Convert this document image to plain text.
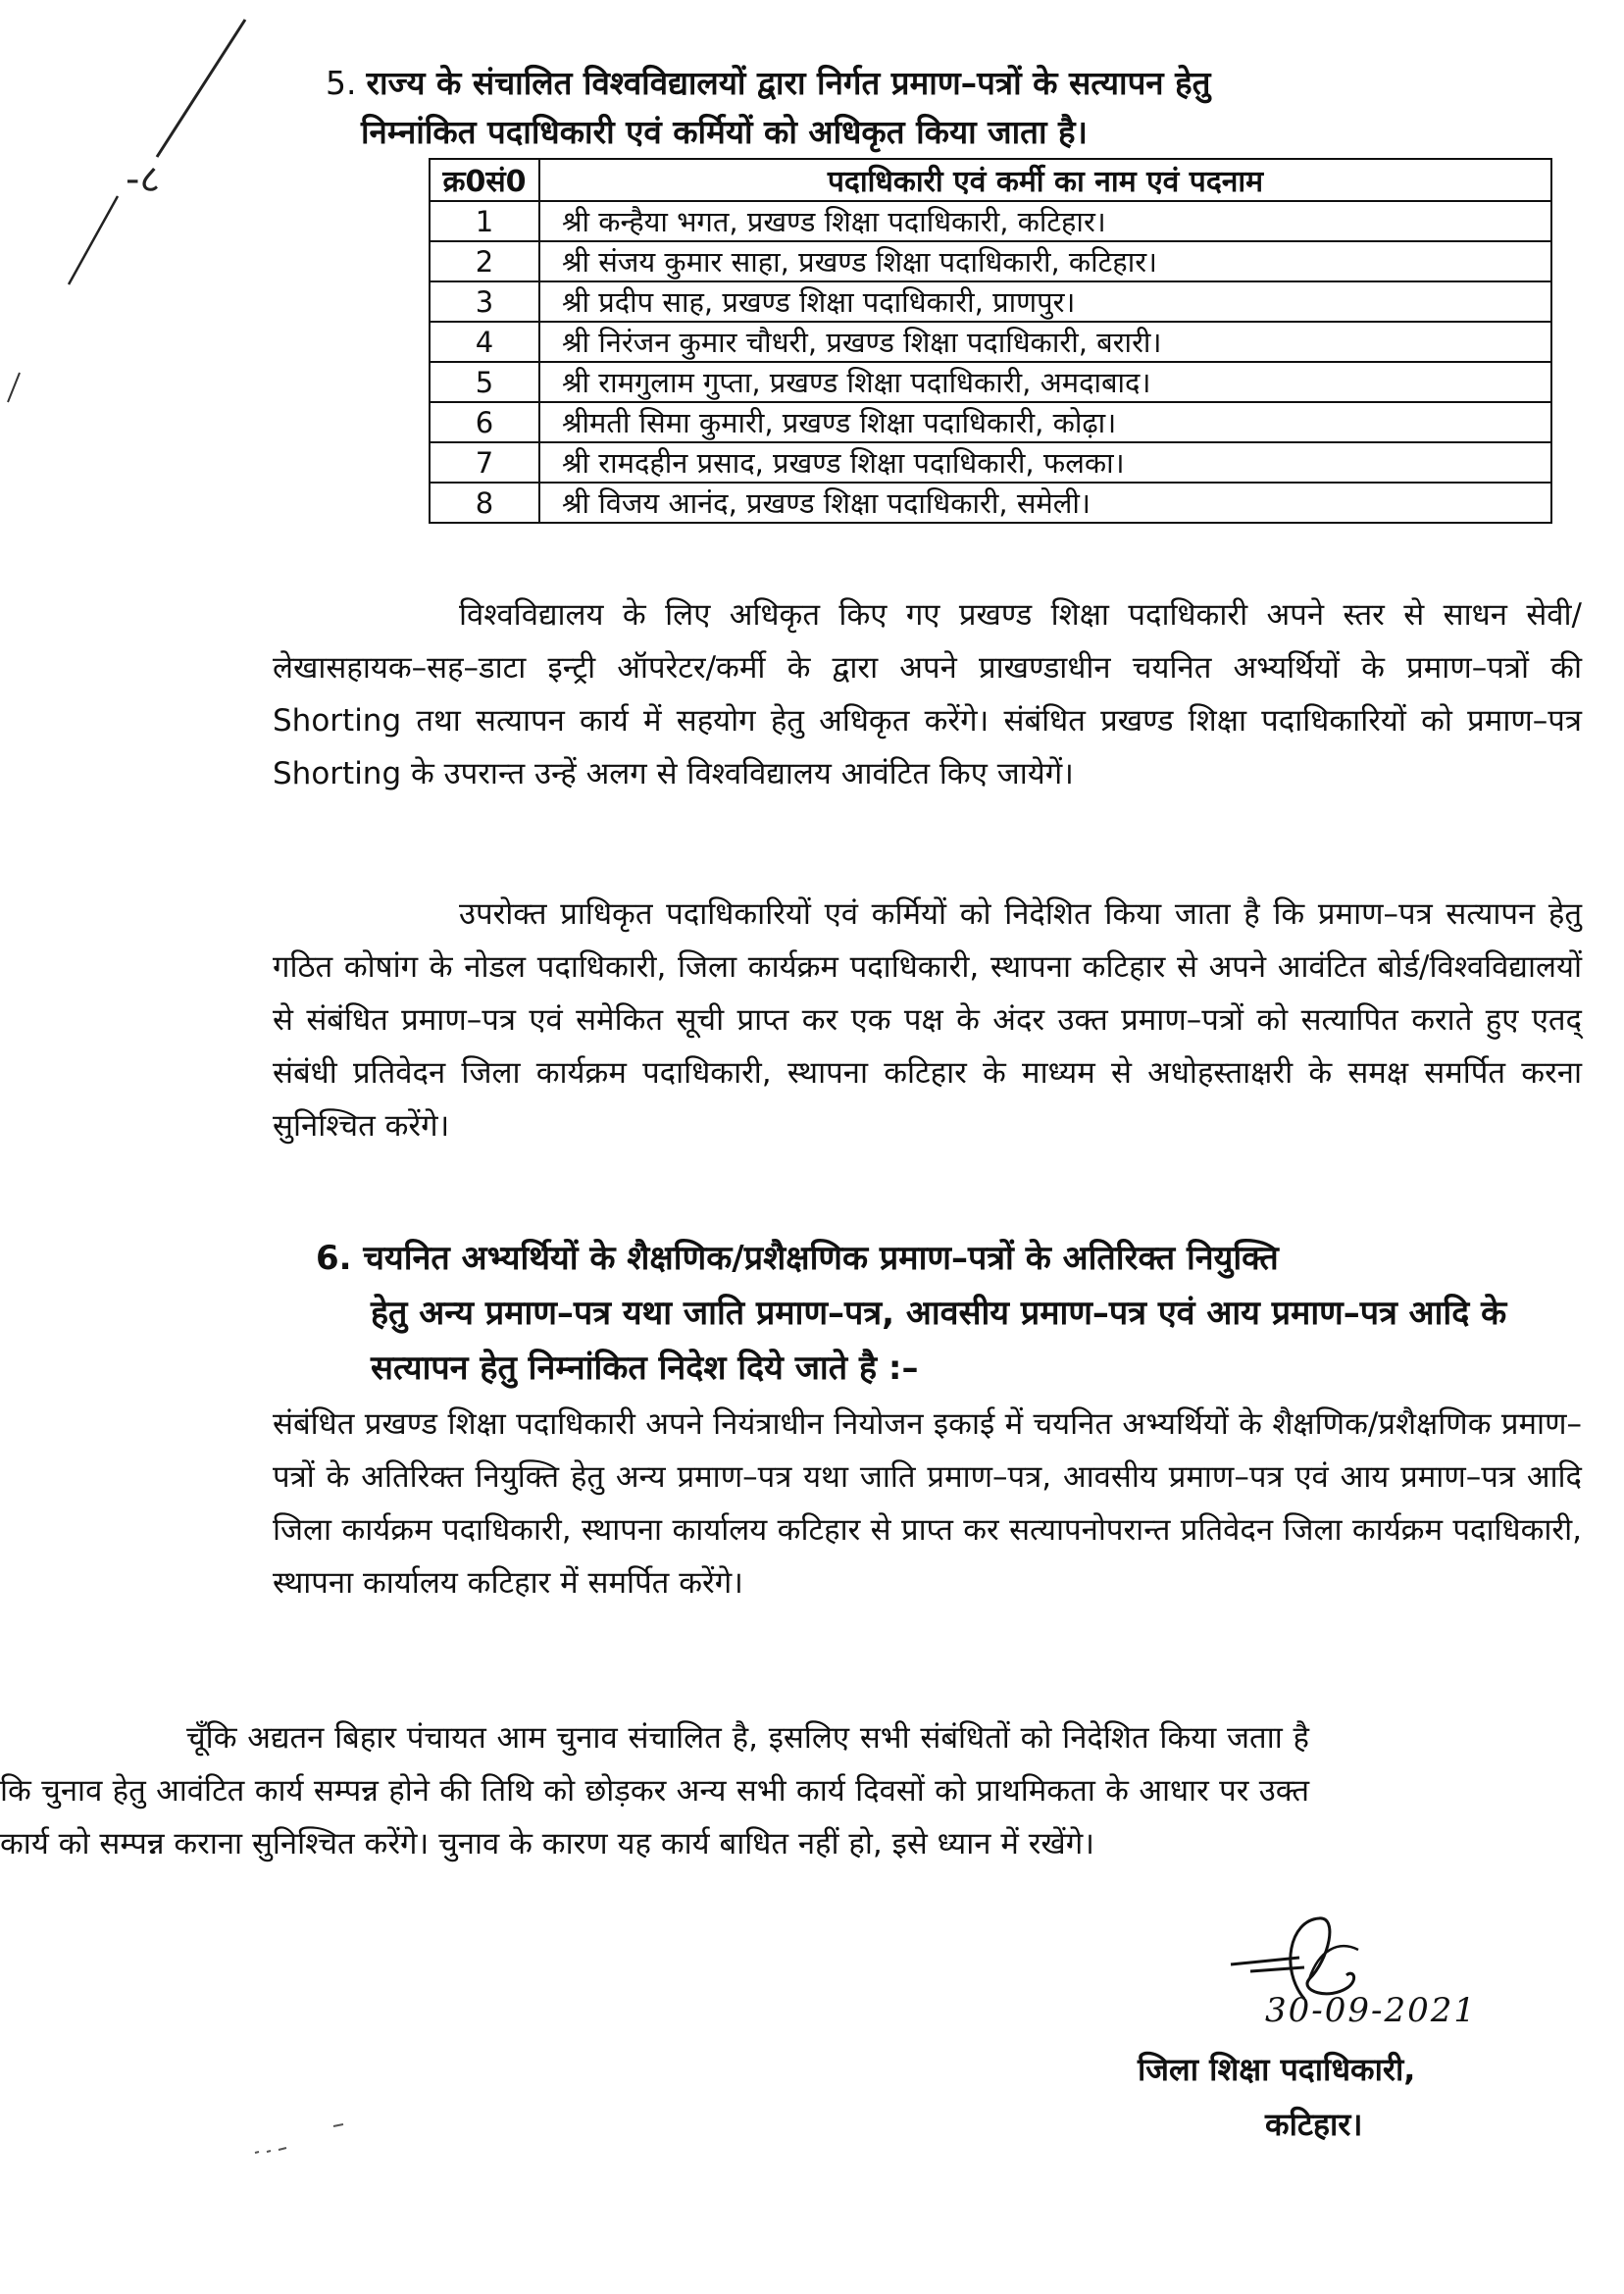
-८
5. राज्य के संचालित विश्वविद्यालयों द्वारा निर्गत प्रमाण–पत्रों के सत्यापन हेतु
निम्नांकित पदाधिकारी एवं कर्मियों को अधिकृत किया जाता है।
क्र0सं0	पदाधिकारी एवं कर्मी का नाम एवं पदनाम
1	श्री कन्हैया भगत, प्रखण्ड शिक्षा पदाधिकारी, कटिहार।
2	श्री संजय कुमार साहा, प्रखण्ड शिक्षा पदाधिकारी, कटिहार।
3	श्री प्रदीप साह, प्रखण्ड शिक्षा पदाधिकारी, प्राणपुर।
4	श्री निरंजन कुमार चौधरी, प्रखण्ड शिक्षा पदाधिकारी, बरारी।
5	श्री रामगुलाम गुप्ता, प्रखण्ड शिक्षा पदाधिकारी, अमदाबाद।
6	श्रीमती सिमा कुमारी, प्रखण्ड शिक्षा पदाधिकारी, कोढ़ा।
7	श्री रामदहीन प्रसाद, प्रखण्ड शिक्षा पदाधिकारी, फलका।
8	श्री विजय आनंद, प्रखण्ड शिक्षा पदाधिकारी, समेली।
विश्वविद्यालय के लिए अधिकृत किए गए प्रखण्ड शिक्षा पदाधिकारी अपने स्तर से साधन सेवी/लेखासहायक–सह–डाटा इन्ट्री ऑपरेटर/कर्मी के द्वारा अपने प्राखण्डाधीन चयनित अभ्यर्थियों के प्रमाण–पत्रों की Shorting तथा सत्यापन कार्य में सहयोग हेतु अधिकृत करेंगे। संबंधित प्रखण्ड शिक्षा पदाधिकारियों को प्रमाण–पत्र Shorting के उपरान्त उन्हें अलग से विश्वविद्यालय आवंटित किए जायेगें।
उपरोक्त प्राधिकृत पदाधिकारियों एवं कर्मियों को निदेशित किया जाता है कि प्रमाण–पत्र सत्यापन हेतु गठित कोषांग के नोडल पदाधिकारी, जिला कार्यक्रम पदाधिकारी, स्थापना कटिहार से अपने आवंटित बोर्ड/विश्वविद्यालयों से संबंधित प्रमाण–पत्र एवं समेकित सूची प्राप्त कर एक पक्ष के अंदर उक्त प्रमाण–पत्रों को सत्यापित कराते हुए एतद् संबंधी प्रतिवेदन जिला कार्यक्रम पदाधिकारी, स्थापना कटिहार के माध्यम से अधोहस्ताक्षरी के समक्ष समर्पित करना सुनिश्चित करेंगे।
6. चयनित अभ्यर्थियों के शैक्षणिक/प्रशैक्षणिक प्रमाण–पत्रों के अतिरिक्त नियुक्ति
हेतु अन्य प्रमाण–पत्र यथा जाति प्रमाण–पत्र, आवसीय प्रमाण–पत्र एवं आय प्रमाण–पत्र आदि के सत्यापन हेतु निम्नांकित निदेश दिये जाते है :–
संबंधित प्रखण्ड शिक्षा पदाधिकारी अपने नियंत्राधीन नियोजन इकाई में चयनित अभ्यर्थियों के शैक्षणिक/प्रशैक्षणिक प्रमाण–पत्रों के अतिरिक्त नियुक्ति हेतु अन्य प्रमाण–पत्र यथा जाति प्रमाण–पत्र, आवसीय प्रमाण–पत्र एवं आय प्रमाण–पत्र आदि जिला कार्यक्रम पदाधिकारी, स्थापना कार्यालय कटिहार से प्राप्त कर सत्यापनोपरान्त प्रतिवेदन जिला कार्यक्रम पदाधिकारी, स्थापना कार्यालय कटिहार में समर्पित करेंगे।
चूँकि अद्यतन बिहार पंचायत आम चुनाव संचालित है, इसलिए सभी संबंधितों को निदेशित किया जताा है कि चुनाव हेतु आवंटित कार्य सम्पन्न होने की तिथि को छोड़कर अन्य सभी कार्य दिवसों को प्राथमिकता के आधार पर उक्त कार्य को सम्पन्न कराना सुनिश्चित करेंगे। चुनाव के कारण यह कार्य बाधित नहीं हो, इसे ध्यान में रखेंगे।
30-09-2021
जिला शिक्षा पदाधिकारी,
कटिहार।
